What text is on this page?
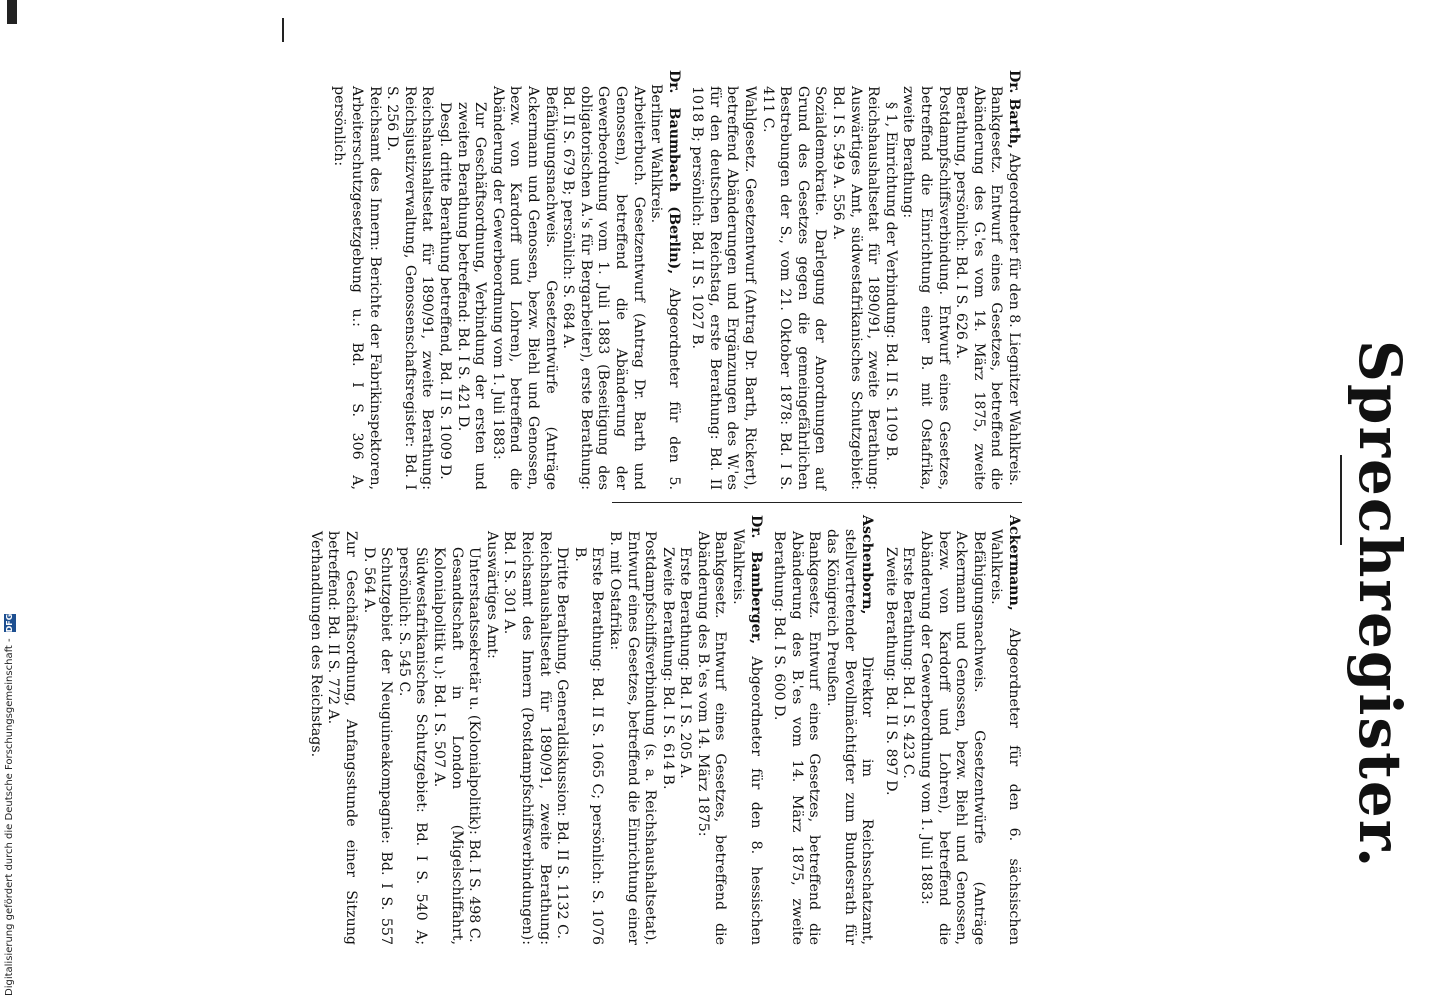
Sprechregister.
Dr. Barth, Abgeordneter für den 8. Liegnitzer Wahlkreis.
Bankgesetz. Entwurf eines Gesetzes, betreffend die Abänderung des G.'es vom 14. März 1875, zweite Berathung, persönlich: Bd. I S. 626 A.
Postdampfschiffsverbindung. Entwurf eines Gesetzes, betreffend die Einrichtung einer B. mit Ostafrika, zweite Berathung:
§ 1, Einrichtung der Verbindung: Bd. II S. 1109 B.
Reichshaushaltsetat für 1890/91, zweite Berathung: Auswärtiges Amt, südwestafrikanisches Schutzgebiet: Bd. I S. 549 A. 556 A.
Sozialdemokratie. Darlegung der Anordnungen auf Grund des Gesetzes gegen die gemeingefährlichen Bestrebungen der S., vom 21. Oktober 1878: Bd. I S. 411 C.
Wahlgesetz. Gesetzentwurf (Antrag Dr. Barth, Rickert), betreffend Abänderungen und Ergänzungen des W.'es für den deutschen Reichstag, erste Berathung: Bd. II 1018 B; persönlich: Bd. II S. 1027 B.
Dr. Baumbach (Berlin), Abgeordneter für den 5. Berliner Wahlkreis.
Arbeiterbuch. Gesetzentwurf (Antrag Dr. Barth und Genossen), betreffend die Abänderung der Gewerbeordnung vom 1. Juli 1883 (Beseitigung des obligatorischen A.'s für Bergarbeiter), erste Berathung: Bd. II S. 679 B; persönlich: S. 684 A.
Befähigungsnachweis. Gesetzentwürfe (Anträge Ackermann und Genossen, bezw. Biehl und Genossen, bezw. von Kardorff und Lohren), betreffend die Abänderung der Gewerbeordnung vom 1. Juli 1883:
Zur Geschäftsordnung, Verbindung der ersten und zweiten Berathung betreffend: Bd. I S. 421 D.
Desgl. dritte Berathung betreffend, Bd. II S. 1009 D.
Reichshaushaltsetat für 1890/91, zweite Berathung: Reichsjustizverwaltung, Genossenschaftsregister: Bd. I S. 256 D.
Reichsamt des Innern: Berichte der Fabrikinspektoren, Arbeiterschutzgesetzgebung u.: Bd. I S. 306 A, persönlich:
Ackermann, Abgeordneter für den 6. sächsischen Wahlkreis.
Befähigungsnachweis. Gesetzentwürfe (Anträge Ackermann und Genossen, bezw. Biehl und Genossen, bezw. von Kardorff und Lohren), betreffend die Abänderung der Gewerbeordnung vom 1. Juli 1883:
Erste Berathung: Bd. I S. 423 C.
Zweite Berathung: Bd. II S. 897 D.
Aschenborn, Direktor im Reichsschatzamt, stellvertretender Bevollmächtigter zum Bundesrath für das Königreich Preußen.
Bankgesetz. Entwurf eines Gesetzes, betreffend die Abänderung des B.'es vom 14. März 1875, zweite Berathung: Bd. I S. 600 D.
Dr. Bamberger, Abgeordneter für den 8. hessischen Wahlkreis.
Bankgesetz. Entwurf eines Gesetzes, betreffend die Abänderung des B.'es vom 14. März 1875:
Erste Berathung: Bd. I S. 205 A.
Zweite Berathung: Bd. I S. 614 B.
Postdampfschiffsverbindung (s. a. Reichshaushaltsetat). Entwurf eines Gesetzes, betreffend die Einrichtung einer B. mit Ostafrika:
Erste Berathung: Bd. II S. 1065 C; persönlich: S. 1076 B.
Dritte Berathung, Generaldiskussion: Bd. II S. 1132 C.
Reichshaushaltsetat für 1890/91, zweite Berathung: Reichsamt des Innern (Postdampfschiffsverbindungen): Bd. I S. 301 A.
Auswärtiges Amt:
Unterstaatssekretär u. (Kolonialpolitik): Bd. I S. 498 C.
Gesandtschaft in London (Migelschiffahrt, Kolonialpolitik u.): Bd. I S. 507 A.
Südwestafrikanisches Schutzgebiet: Bd. I S. 540 A; persönlich: S. 545 C.
Schutzgebiet der Neuguineakompagnie: Bd. I S. 557 D. 564 A.
Zur Geschäftsordnung, Anfangsstunde einer Sitzung betreffend: Bd. II S. 772 A.
Verhandlungen des Reichstags.
Digitalisierung gefördert durch die Deutsche Forschungsgemeinschaft -
DFG
